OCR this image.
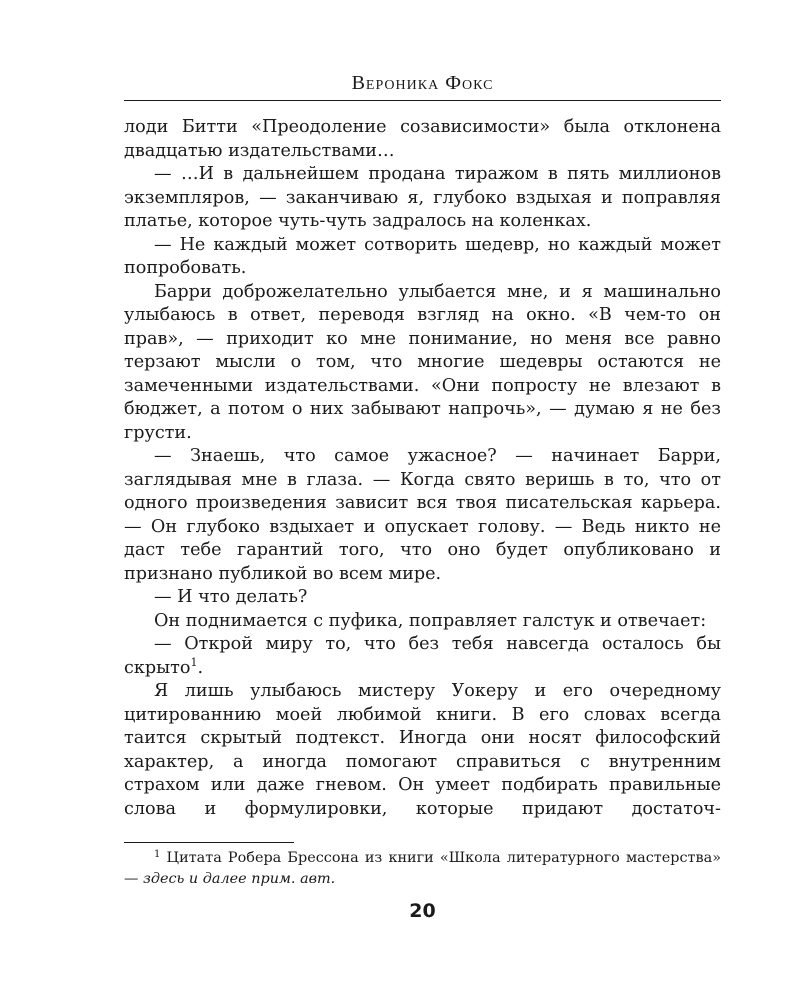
Вероника Фокс

лоди Битти «Преодоление созависимости» была отклонена двадцатью издательствами…

— …И в дальнейшем продана тиражом в пять миллионов экземпляров, — заканчиваю я, глубоко вздыхая и поправляя платье, которое чуть-чуть задралось на коленках.

— Не каждый может сотворить шедевр, но каждый может попробовать.

Барри доброжелательно улыбается мне, и я машинально улыбаюсь в ответ, переводя взгляд на окно. «В чем-то он прав», — приходит ко мне понимание, но меня все равно терзают мысли о том, что многие шедевры остаются не замеченными издательствами. «Они попросту не влезают в бюджет, а потом о них забывают напрочь», — думаю я не без грусти.

— Знаешь, что самое ужасное? — начинает Барри, заглядывая мне в глаза. — Когда свято веришь в то, что от одного произведения зависит вся твоя писательская карьера. — Он глубоко вздыхает и опускает голову. — Ведь никто не даст тебе гарантий того, что оно будет опубликовано и признано публикой во всем мире.

— И что делать?

Он поднимается с пуфика, поправляет галстук и отвечает:

— Открой миру то, что без тебя навсегда осталось бы скрыто$^1$.

Я лишь улыбаюсь мистеру Уокеру и его очередному цитированнию моей любимой книги. В его словах всегда таится скрытый подтекст. Иногда они носят философский характер, а иногда помогают справиться с внутренним страхом или даже гневом. Он умеет подбирать правильные слова и формулировки, которые придают достаточ-

$^1$ Цитата Робера Брессона из книги «Школа литературного мастерства» — здесь и далее прим. авт.
20
